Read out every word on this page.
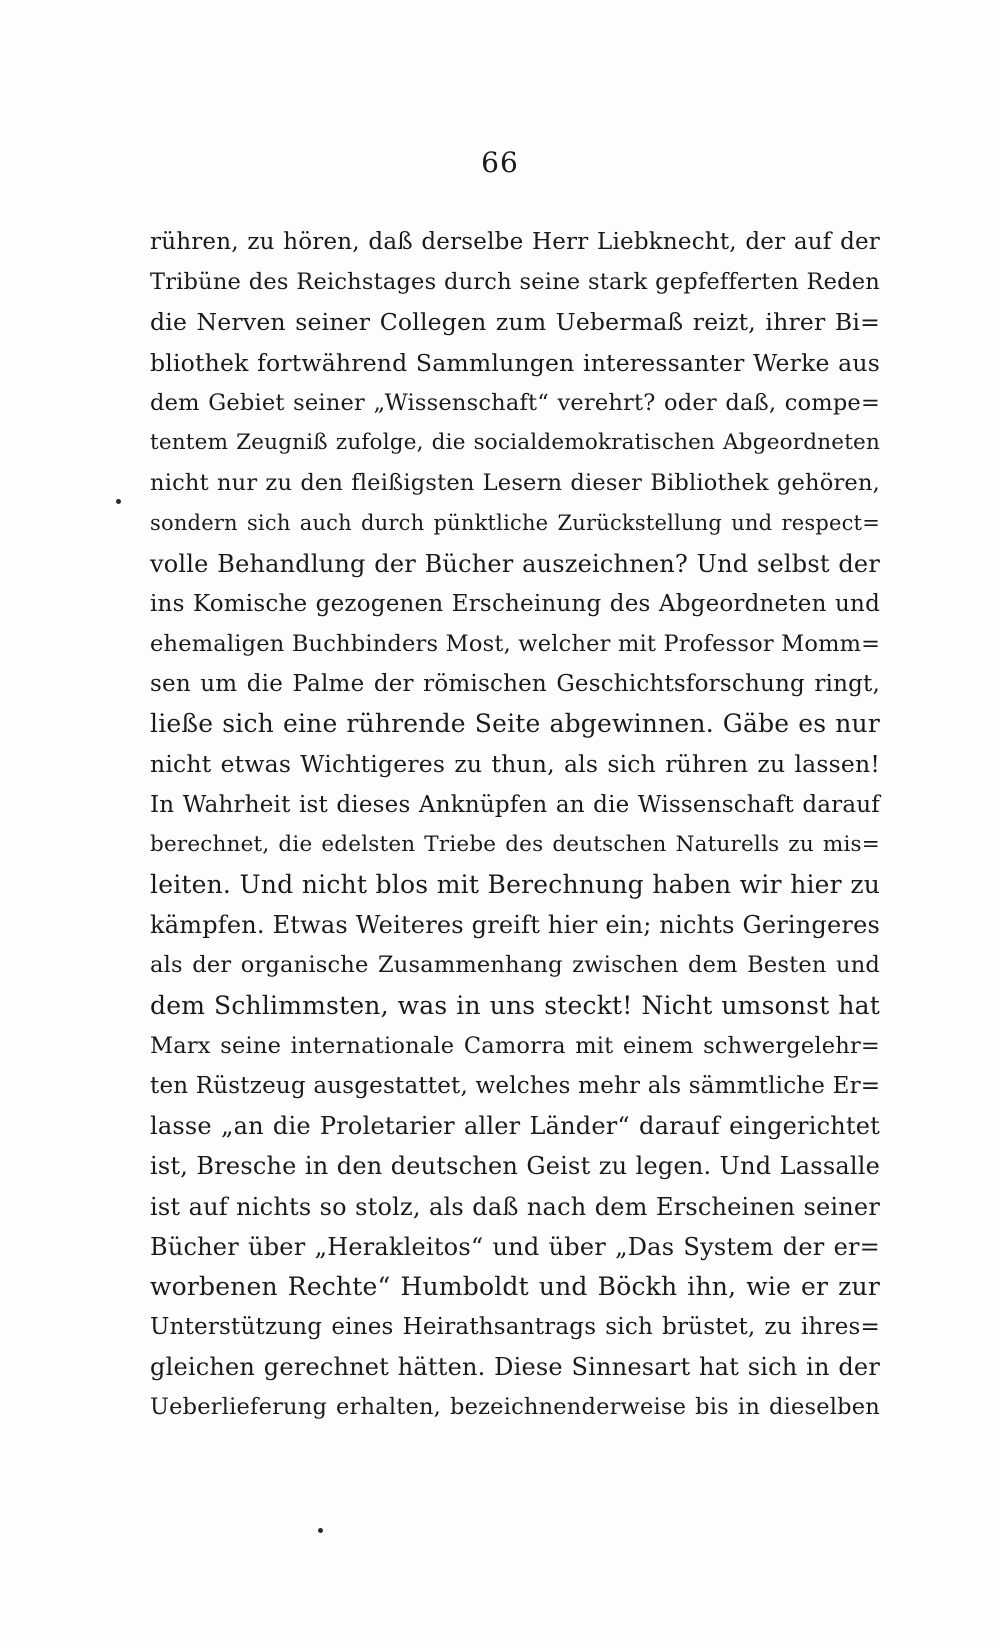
66
rühren, zu hören, daß derselbe Herr Liebknecht, der auf der
Tribüne des Reichstages durch seine stark gepfefferten Reden
die Nerven seiner Collegen zum Uebermaß reizt, ihrer Bi=
bliothek fortwährend Sammlungen interessanter Werke aus
dem Gebiet seiner „Wissenschaft“ verehrt? oder daß, compe=
tentem Zeugniß zufolge, die socialdemokratischen Abgeordneten
nicht nur zu den fleißigsten Lesern dieser Bibliothek gehören,
sondern sich auch durch pünktliche Zurückstellung und respect=
volle Behandlung der Bücher auszeichnen? Und selbst der
ins Komische gezogenen Erscheinung des Abgeordneten und
ehemaligen Buchbinders Most, welcher mit Professor Momm=
sen um die Palme der römischen Geschichtsforschung ringt,
ließe sich eine rührende Seite abgewinnen. Gäbe es nur
nicht etwas Wichtigeres zu thun, als sich rühren zu lassen!
In Wahrheit ist dieses Anknüpfen an die Wissenschaft darauf
berechnet, die edelsten Triebe des deutschen Naturells zu mis=
leiten. Und nicht blos mit Berechnung haben wir hier zu
kämpfen. Etwas Weiteres greift hier ein; nichts Geringeres
als der organische Zusammenhang zwischen dem Besten und
dem Schlimmsten, was in uns steckt! Nicht umsonst hat
Marx seine internationale Camorra mit einem schwergelehr=
ten Rüstzeug ausgestattet, welches mehr als sämmtliche Er=
lasse „an die Proletarier aller Länder“ darauf eingerichtet
ist, Bresche in den deutschen Geist zu legen. Und Lassalle
ist auf nichts so stolz, als daß nach dem Erscheinen seiner
Bücher über „Herakleitos“ und über „Das System der er=
worbenen Rechte“ Humboldt und Böckh ihn, wie er zur
Unterstützung eines Heirathsantrags sich brüstet, zu ihres=
gleichen gerechnet hätten. Diese Sinnesart hat sich in der
Ueberlieferung erhalten, bezeichnenderweise bis in dieselben
